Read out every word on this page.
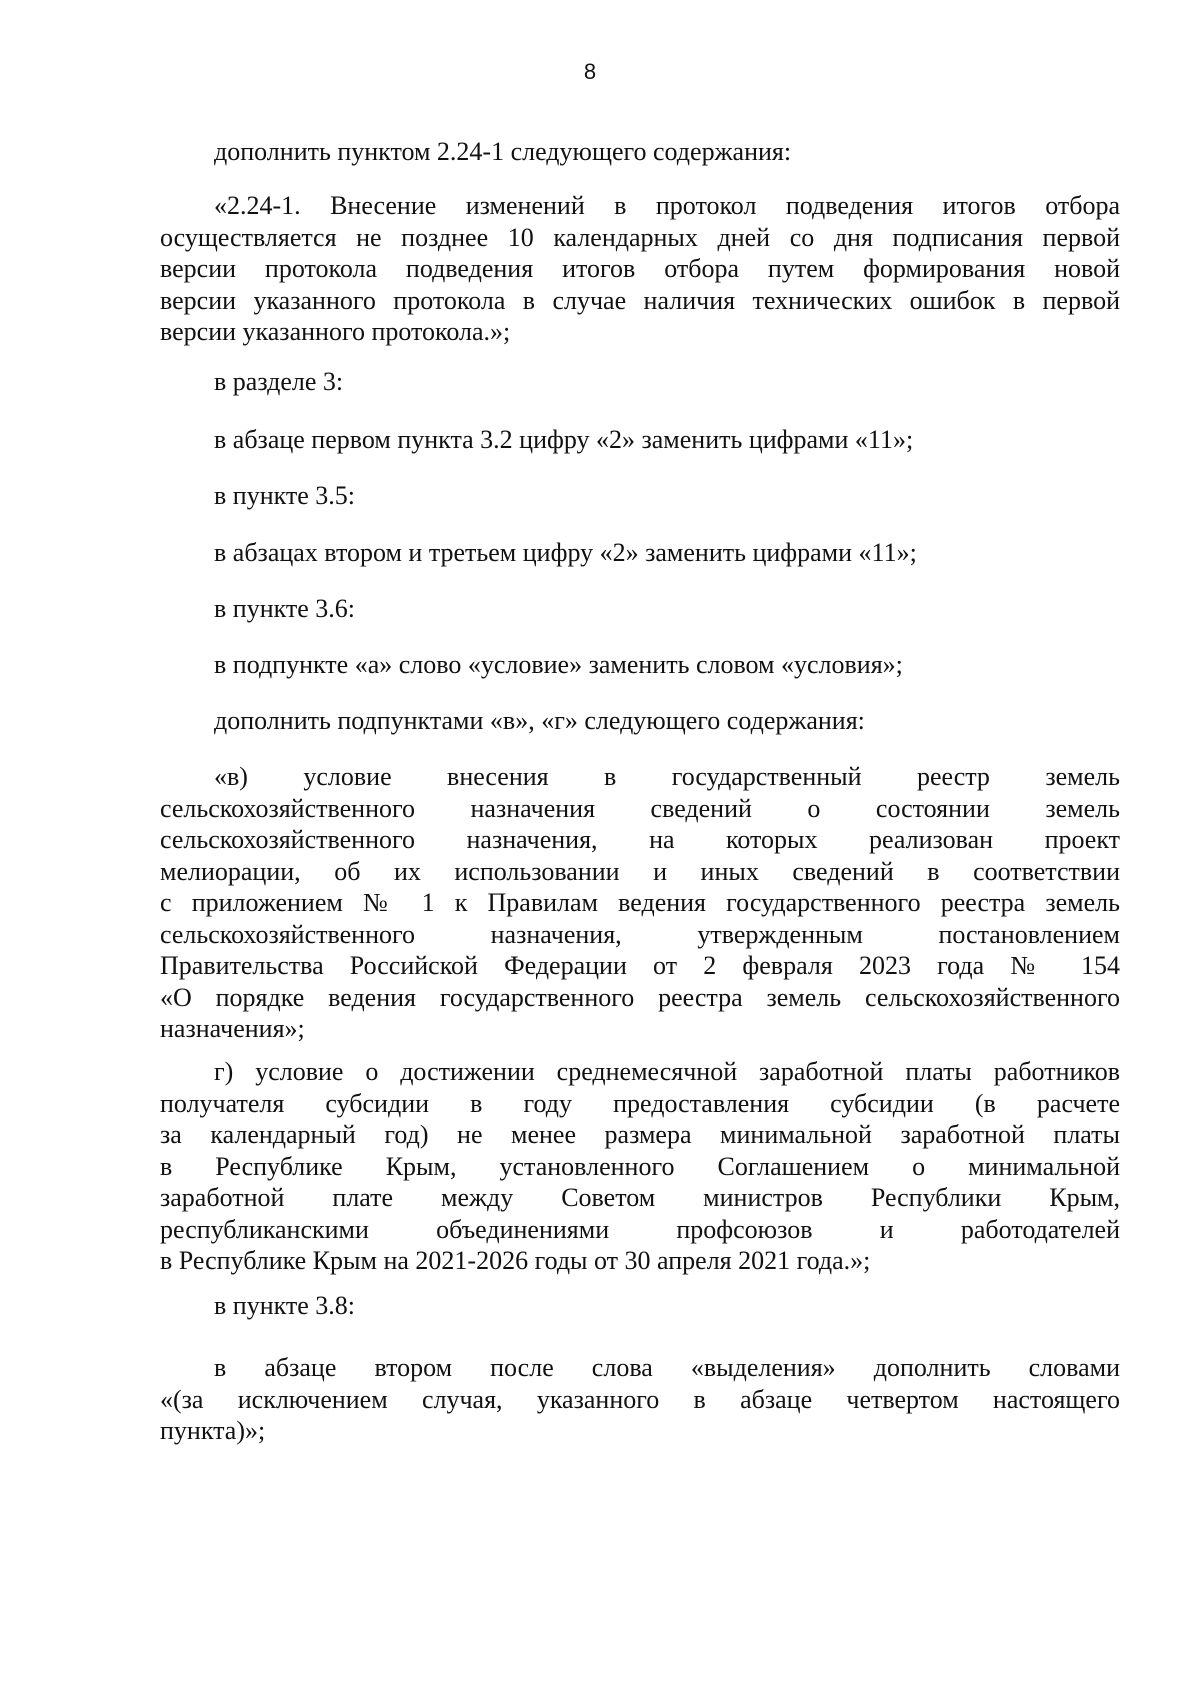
8
дополнить пунктом 2.24-1 следующего содержания:
«2.24-1. Внесение изменений в протокол подведения итогов отбора
осуществляется не позднее 10 календарных дней со дня подписания первой
версии протокола подведения итогов отбора путем формирования новой
версии указанного протокола в случае наличия технических ошибок в первой
версии указанного протокола.»;
в разделе 3:
в абзаце первом пункта 3.2 цифру «2» заменить цифрами «11»;
в пункте 3.5:
в абзацах втором и третьем цифру «2» заменить цифрами «11»;
в пункте 3.6:
в подпункте «а» слово «условие» заменить словом «условия»;
дополнить подпунктами «в», «г» следующего содержания:
«в) условие внесения в государственный реестр земель
сельскохозяйственного назначения сведений о состоянии земель
сельскохозяйственного назначения, на которых реализован проект
мелиорации, об их использовании и иных сведений в соответствии
с приложением № 1 к Правилам ведения государственного реестра земель
сельскохозяйственного назначения, утвержденным постановлением
Правительства Российской Федерации от 2 февраля 2023 года № 154
«О порядке ведения государственного реестра земель сельскохозяйственного
назначения»;
г) условие о достижении среднемесячной заработной платы работников
получателя субсидии в году предоставления субсидии (в расчете
за календарный год) не менее размера минимальной заработной платы
в Республике Крым, установленного Соглашением о минимальной
заработной плате между Советом министров Республики Крым,
республиканскими объединениями профсоюзов и работодателей
в Республике Крым на 2021-2026 годы от 30 апреля 2021 года.»;
в пункте 3.8:
в абзаце втором после слова «выделения» дополнить словами
«(за исключением случая, указанного в абзаце четвертом настоящего
пункта)»;
